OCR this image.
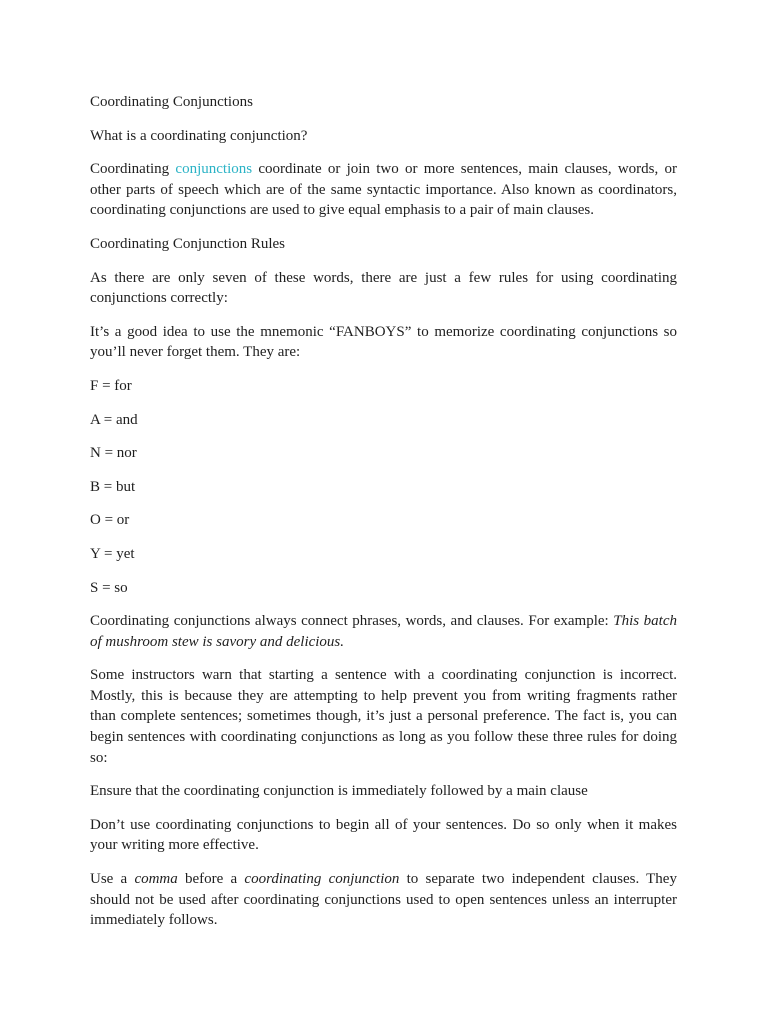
Coordinating Conjunctions

What is a coordinating conjunction?

Coordinating conjunctions coordinate or join two or more sentences, main clauses, words, or other parts of speech which are of the same syntactic importance. Also known as coordinators, coordinating conjunctions are used to give equal emphasis to a pair of main clauses.

Coordinating Conjunction Rules

As there are only seven of these words, there are just a few rules for using coordinating conjunctions correctly:

It’s a good idea to use the mnemonic “FANBOYS” to memorize coordinating conjunctions so you’ll never forget them. They are:

F = for

A = and

N = nor

B = but

O = or

Y = yet

S = so

Coordinating conjunctions always connect phrases, words, and clauses. For example: This batch of mushroom stew is savory and delicious.

Some instructors warn that starting a sentence with a coordinating conjunction is incorrect. Mostly, this is because they are attempting to help prevent you from writing fragments rather than complete sentences; sometimes though, it’s just a personal preference. The fact is, you can begin sentences with coordinating conjunctions as long as you follow these three rules for doing so:

Ensure that the coordinating conjunction is immediately followed by a main clause

Don’t use coordinating conjunctions to begin all of your sentences. Do so only when it makes your writing more effective.

Use a comma before a coordinating conjunction to separate two independent clauses. They should not be used after coordinating conjunctions used to open sentences unless an interrupter immediately follows.
